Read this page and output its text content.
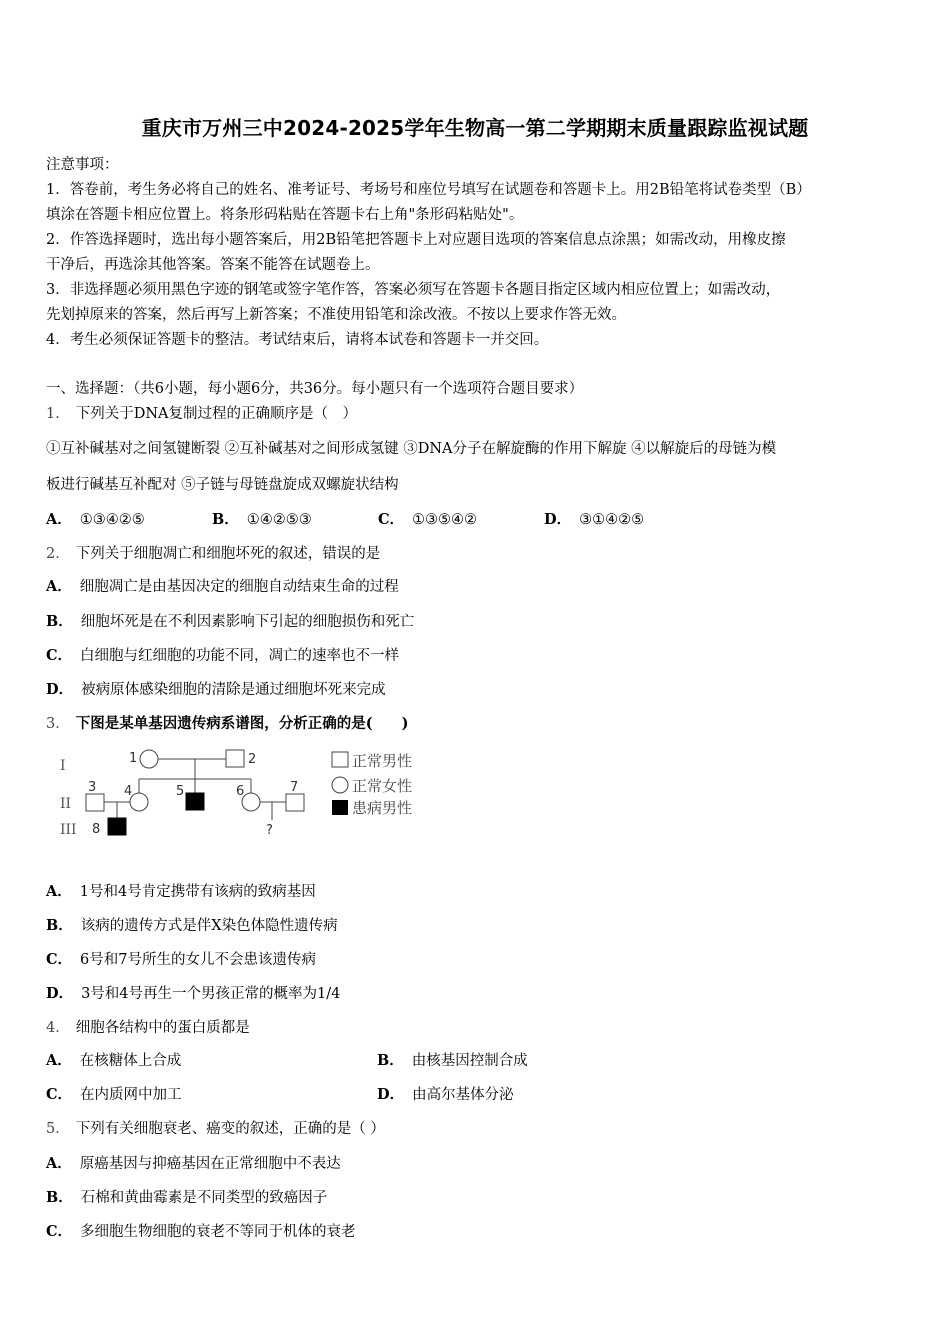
重庆市万州三中2024-2025学年生物高一第二学期期末质量跟踪监视试题
注意事项：
1．答卷前，考生务必将自己的姓名、准考证号、考场号和座位号填写在试题卷和答题卡上。用2B铅笔将试卷类型（B）
填涂在答题卡相应位置上。将条形码粘贴在答题卡右上角"条形码粘贴处"。
2．作答选择题时，选出每小题答案后，用2B铅笔把答题卡上对应题目选项的答案信息点涂黑；如需改动，用橡皮擦
干净后，再选涂其他答案。答案不能答在试题卷上。
3．非选择题必须用黑色字迹的钢笔或签字笔作答，答案必须写在答题卡各题目指定区域内相应位置上；如需改动，
先划掉原来的答案，然后再写上新答案；不准使用铅笔和涂改液。不按以上要求作答无效。
4．考生必须保证答题卡的整洁。考试结束后，请将本试卷和答题卡一并交回。
一、选择题：（共6小题，每小题6分，共36分。每小题只有一个选项符合题目要求）
1． 下列关于DNA复制过程的正确顺序是（　）
①互补碱基对之间氢键断裂 ②互补碱基对之间形成氢键 ③DNA分子在解旋酶的作用下解旋 ④以解旋后的母链为模
板进行碱基互补配对 ⑤子链与母链盘旋成双螺旋状结构
A． ①③④②⑤	B． ①④②⑤③	C． ①③⑤④②	D． ③①④②⑤
2． 下列关于细胞凋亡和细胞坏死的叙述，错误的是
A． 细胞凋亡是由基因决定的细胞自动结束生命的过程
B． 细胞坏死是在不利因素影响下引起的细胞损伤和死亡
C． 白细胞与红细胞的功能不同，凋亡的速率也不一样
D． 被病原体感染细胞的清除是通过细胞坏死来完成
3． 下图是某单基因遗传病系谱图，分析正确的是(　　)
I
II
III
1	2
3 4	5	6	7
8	?
正常男性
正常女性
患病男性
A． 1号和4号肯定携带有该病的致病基因
B． 该病的遗传方式是伴X染色体隐性遗传病
C． 6号和7号所生的女儿不会患该遗传病
D． 3号和4号再生一个男孩正常的概率为1/4
4． 细胞各结构中的蛋白质都是
A． 在核糖体上合成	B． 由核基因控制合成
C． 在内质网中加工	D． 由高尔基体分泌
5． 下列有关细胞衰老、癌变的叙述，正确的是（ ）
A． 原癌基因与抑癌基因在正常细胞中不表达
B． 石棉和黄曲霉素是不同类型的致癌因子
C． 多细胞生物细胞的衰老不等同于机体的衰老
